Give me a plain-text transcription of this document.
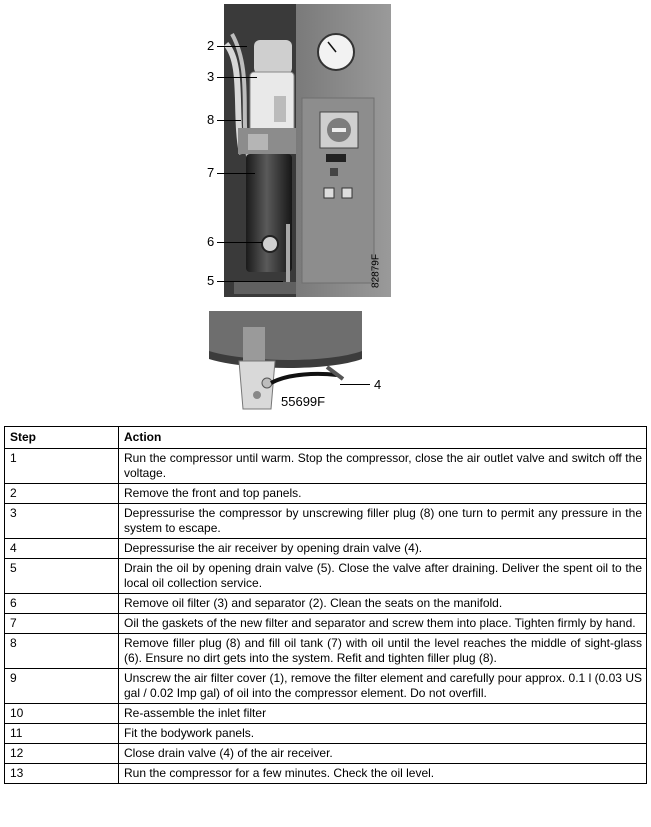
2
3
8
7
6
5	82879F
4
55699F
Step	Action
1	Run the compressor until warm. Stop the compressor, close the air outlet valve and switch off the voltage.
2	Remove the front and top panels.
3	Depressurise the compressor by unscrewing filler plug (8) one turn to permit any pressure in the system to escape.
4	Depressurise the air receiver by opening drain valve (4).
5	Drain the oil by opening drain valve (5). Close the valve after draining. Deliver the spent oil to the local oil collection service.
6	Remove oil filter (3) and separator (2). Clean the seats on the manifold.
7	Oil the gaskets of the new filter and separator and screw them into place. Tighten firmly by hand.
8	Remove filler plug (8) and fill oil tank (7) with oil until the level reaches the middle of sight-glass (6). Ensure no dirt gets into the system. Refit and tighten filler plug (8).
9	Unscrew the air filter cover (1), remove the filter element and carefully pour approx. 0.1 l (0.03 US gal / 0.02 Imp gal) of oil into the compressor element. Do not overfill.
10	Re-assemble the inlet filter
11	Fit the bodywork panels.
12	Close drain valve (4) of the air receiver.
13	Run the compressor for a few minutes. Check the oil level.
